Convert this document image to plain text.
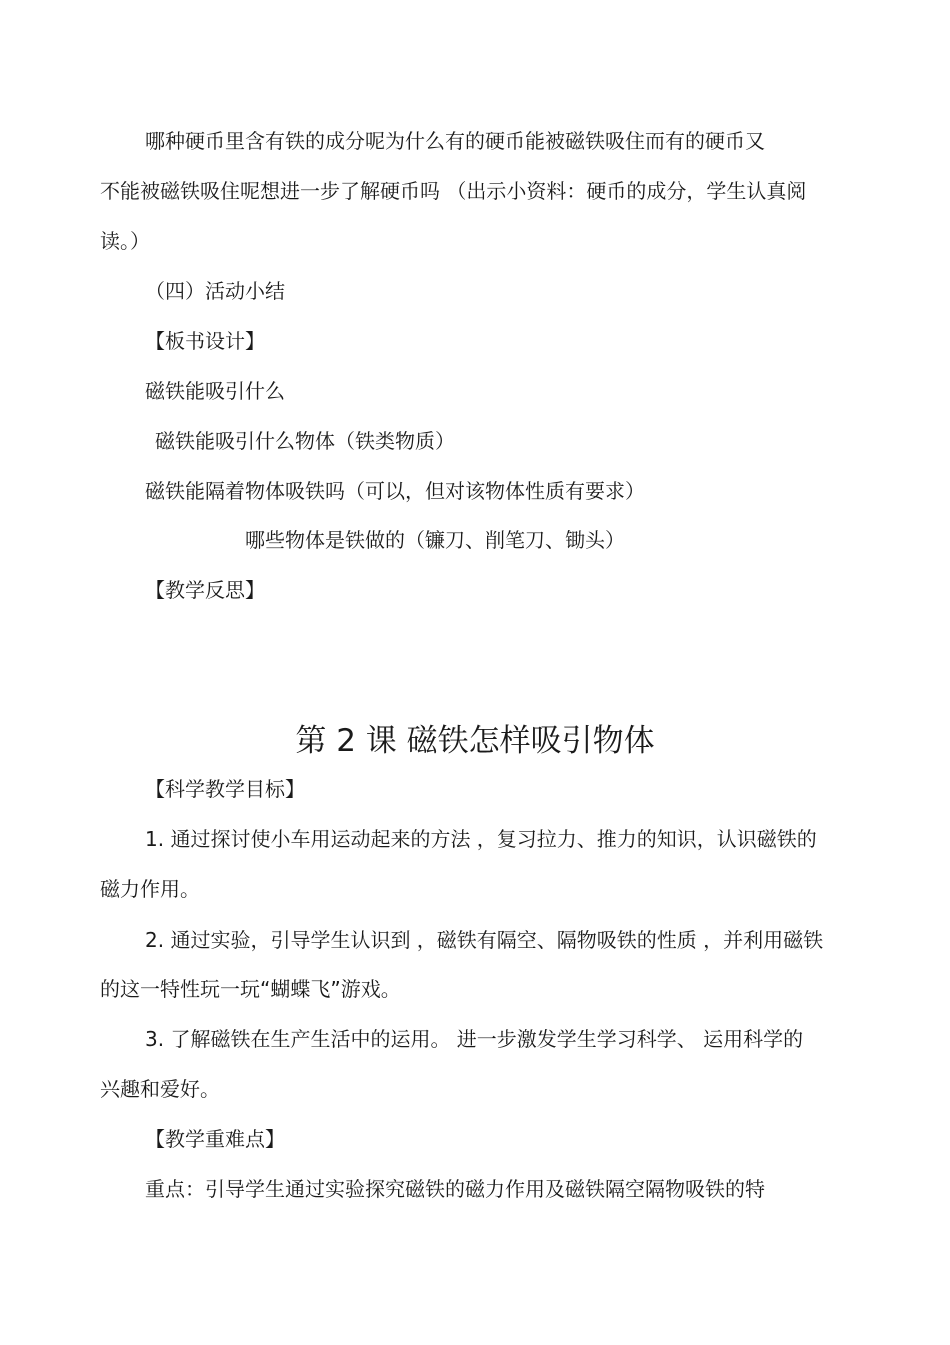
哪种硬币里含有铁的成分呢为什么有的硬币能被磁铁吸住而有的硬币又
不能被磁铁吸住呢想进一步了解硬币吗 （出示小资料：硬币的成分，学生认真阅
读。）
（四）活动小结
【板书设计】
磁铁能吸引什么
磁铁能吸引什么物体（铁类物质）
磁铁能隔着物体吸铁吗（可以，但对该物体性质有要求）
哪些物体是铁做的（镰刀、削笔刀、锄头）
【教学反思】
第 2 课 磁铁怎样吸引物体
【科学教学目标】
1. 通过探讨使小车用运动起来的方法 ，复习拉力、推力的知识，认识磁铁的
磁力作用。
2. 通过实验，引导学生认识到 ，磁铁有隔空、隔物吸铁的性质 ，并利用磁铁
的这一特性玩一玩“蝴蝶飞”游戏。
3. 了解磁铁在生产生活中的运用。 进一步激发学生学习科学、 运用科学的
兴趣和爱好。
【教学重难点】
重点：引导学生通过实验探究磁铁的磁力作用及磁铁隔空隔物吸铁的特
